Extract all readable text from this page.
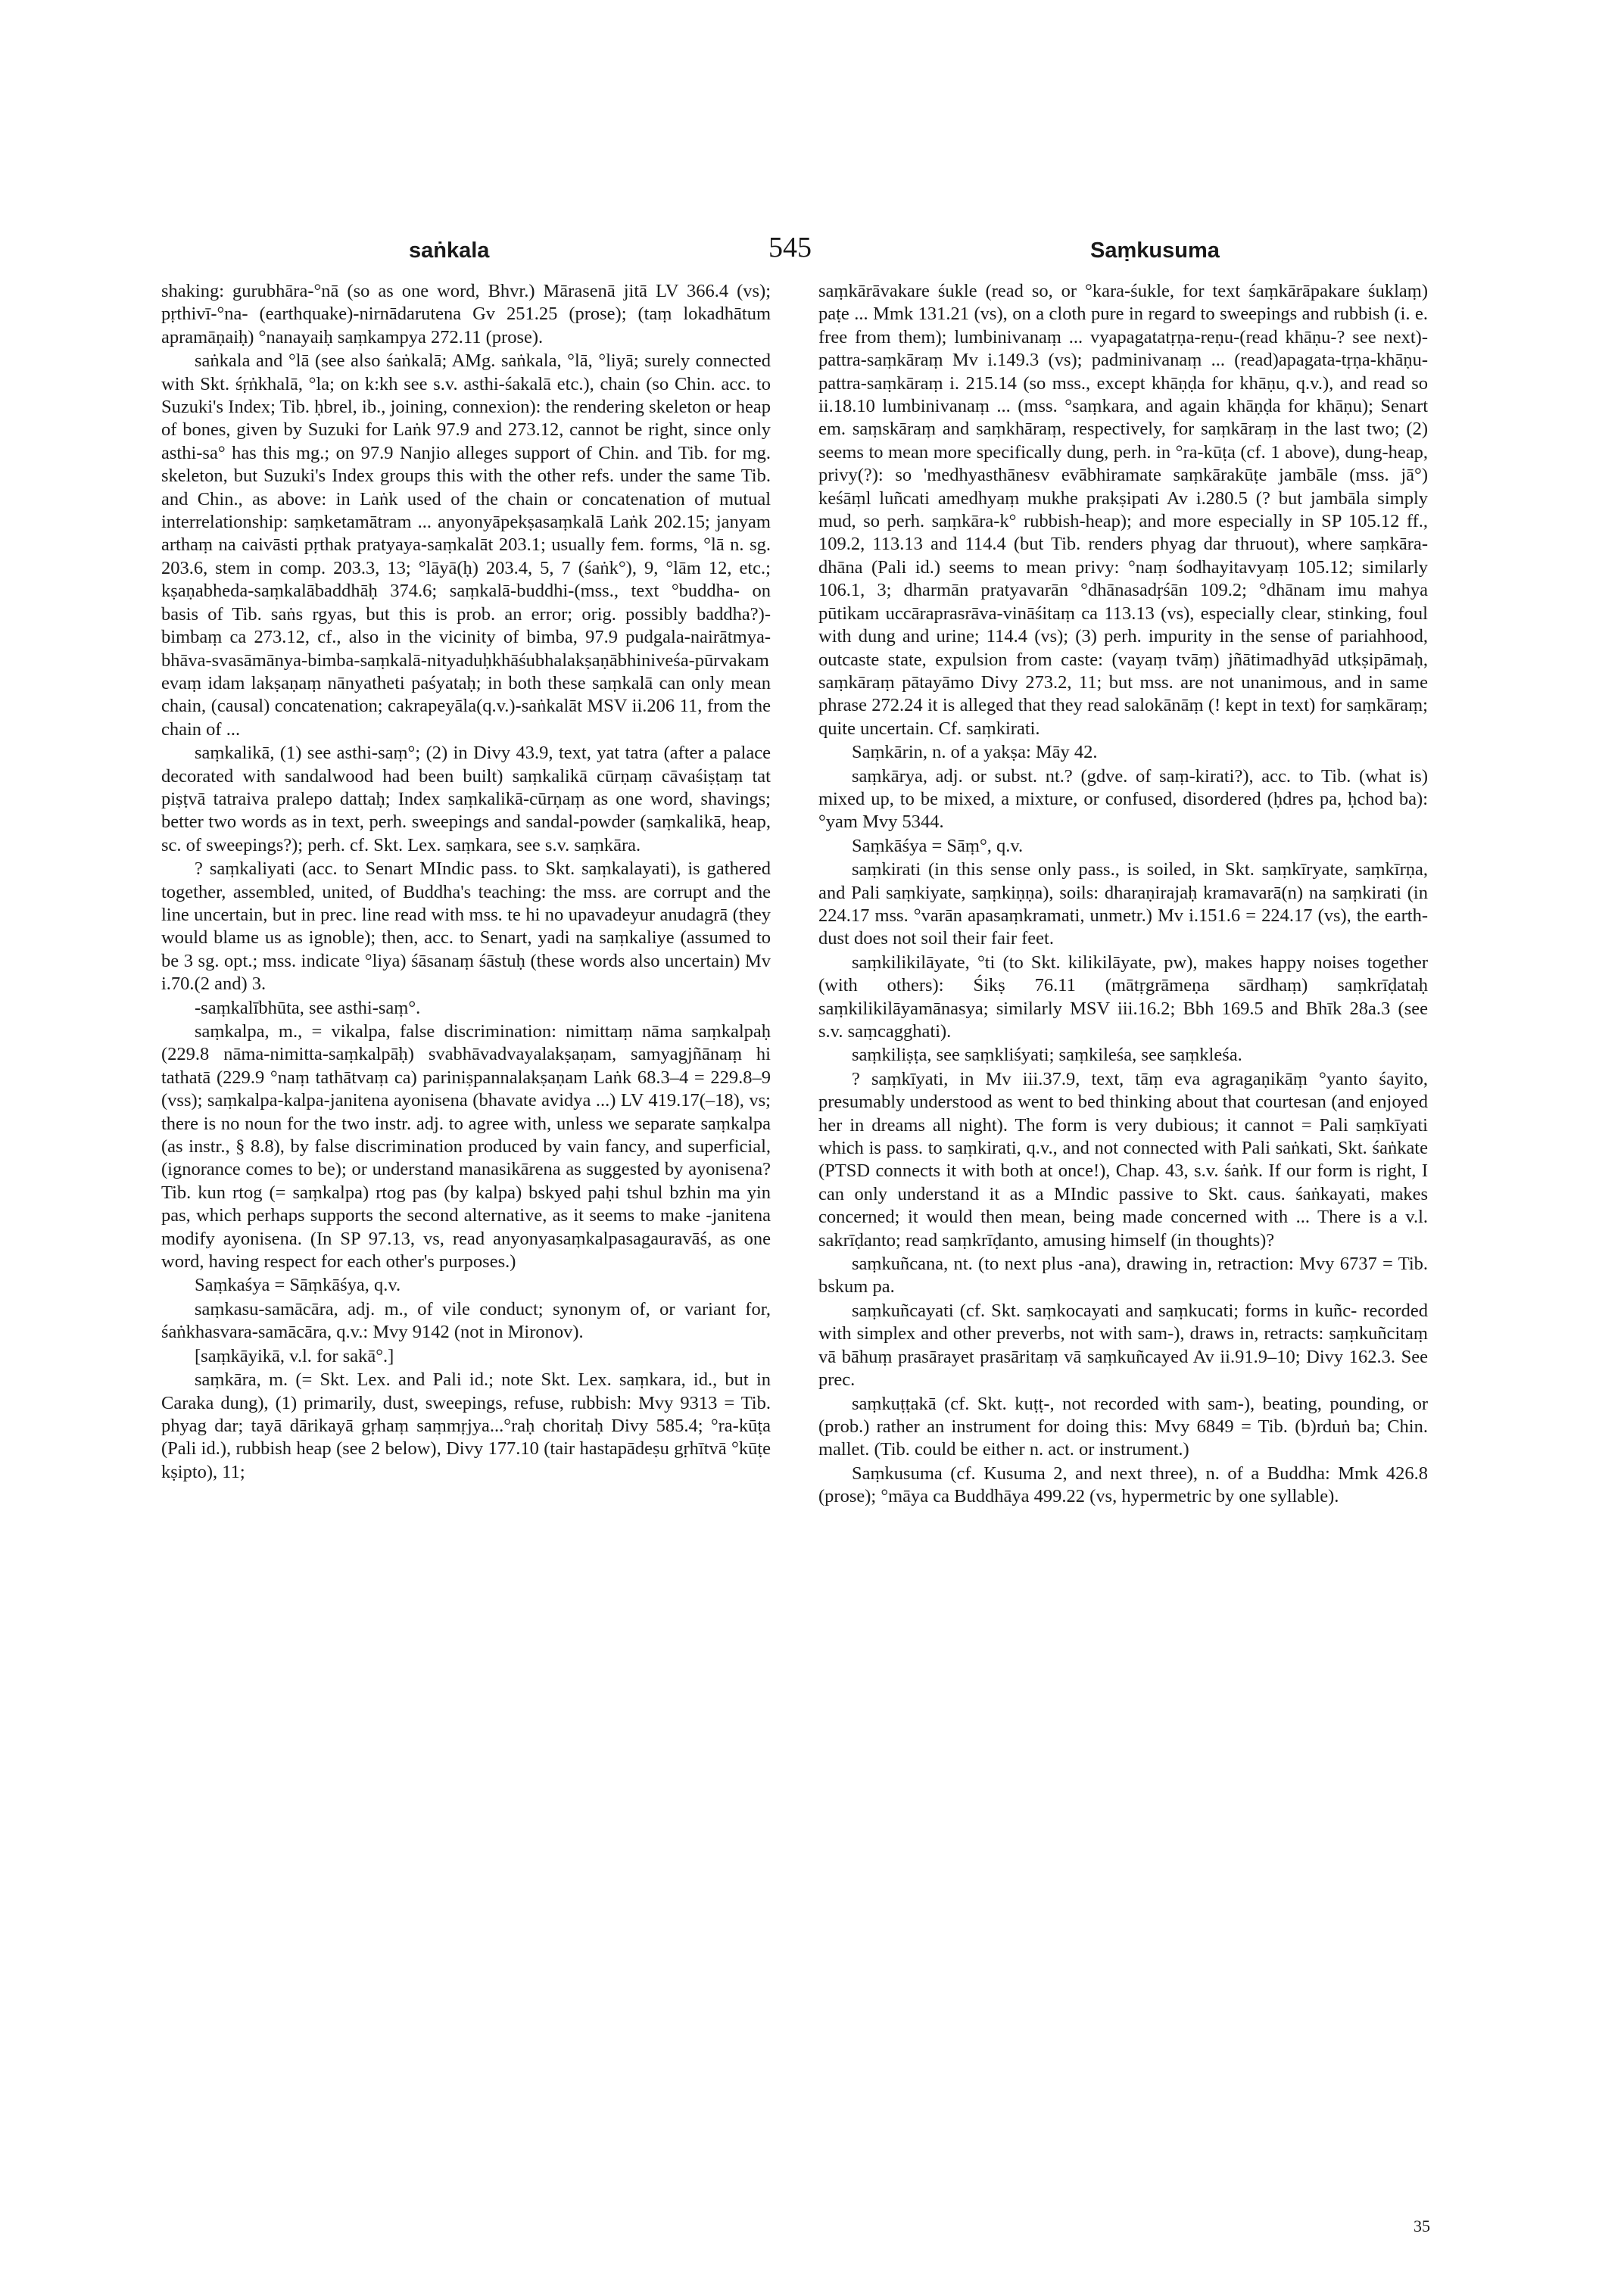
saṅkala	545	Saṃkusuma

shaking: gurubhāra-°nā (so as one word, Bhvr.) Mārasenā jitā LV 366.4 (vs); pṛthivī-°na- (earthquake)-nirnādarutena Gv 251.25 (prose); (taṃ lokadhātum apramāṇaiḥ) °nanayaiḥ saṃkampya 272.11 (prose).

saṅkala and °lā (see also śaṅkalā; AMg. saṅkala, °lā, °liyā; surely connected with Skt. śṛṅkhalā, °la; on k:kh see s.v. asthi-śakalā etc.), chain (so Chin. acc. to Suzuki's Index; Tib. ḥbrel, ib., joining, connexion): the rendering skeleton or heap of bones, given by Suzuki for Laṅk 97.9 and 273.12, cannot be right, since only asthi-sa° has this mg.; on 97.9 Nanjio alleges support of Chin. and Tib. for mg. skeleton, but Suzuki's Index groups this with the other refs. under the same Tib. and Chin., as above: in Laṅk used of the chain or concatenation of mutual interrelationship: saṃketamātram ... anyonyāpekṣasaṃkalā Laṅk 202.15; janyam arthaṃ na caivāsti pṛthak pratyaya-saṃkalāt 203.1; usually fem. forms, °lā n. sg. 203.6, stem in comp. 203.3, 13; °lāyā(ḥ) 203.4, 5, 7 (śaṅk°), 9, °lām 12, etc.; kṣaṇabheda-saṃkalābaddhāḥ 374.6; saṃkalā-buddhi-(mss., text °buddha- on basis of Tib. saṅs rgyas, but this is prob. an error; orig. possibly baddha?)-bimbaṃ ca 273.12, cf., also in the vicinity of bimba, 97.9 pudgala-nairātmya-bhāva-svasāmānya-bimba-saṃkalā-nityaduḥkhāśubhalakṣaṇābhiniveśa-pūrvakam evaṃ idam lakṣaṇaṃ nānyatheti paśyataḥ; in both these saṃkalā can only mean chain, (causal) concatenation; cakrapeyāla(q.v.)-saṅkalāt MSV ii.206 11, from the chain of ...

saṃkalikā, (1) see asthi-saṃ°; (2) in Divy 43.9, text, yat tatra (after a palace decorated with sandalwood had been built) saṃkalikā cūrṇaṃ cāvaśiṣṭaṃ tat piṣṭvā tatraiva pralepo dattaḥ; Index saṃkalikā-cūrṇaṃ as one word, shavings; better two words as in text, perh. sweepings and sandal-powder (saṃkalikā, heap, sc. of sweepings?); perh. cf. Skt. Lex. saṃkara, see s.v. saṃkāra.

? saṃkaliyati (acc. to Senart MIndic pass. to Skt. saṃkalayati), is gathered together, assembled, united, of Buddha's teaching: the mss. are corrupt and the line uncertain, but in prec. line read with mss. te hi no upavadeyur anudagrā (they would blame us as ignoble); then, acc. to Senart, yadi na saṃkaliye (assumed to be 3 sg. opt.; mss. indicate °liya) śāsanaṃ śāstuḥ (these words also uncertain) Mv i.70.(2 and) 3.

-saṃkalībhūta, see asthi-saṃ°.

saṃkalpa, m., = vikalpa, false discrimination: nimittaṃ nāma saṃkalpaḥ (229.8 nāma-nimitta-saṃkalpāḥ) svabhāvadvayalakṣaṇam, samyagjñānaṃ hi tathatā (229.9 °naṃ tathātvaṃ ca) pariniṣpannalakṣaṇam Laṅk 68.3–4 = 229.8–9 (vss); saṃkalpa-kalpa-janitena ayonisena (bhavate avidya ...) LV 419.17(–18), vs; there is no noun for the two instr. adj. to agree with, unless we separate saṃkalpa (as instr., § 8.8), by false discrimination produced by vain fancy, and superficial, (ignorance comes to be); or understand manasikārena as suggested by ayonisena? Tib. kun rtog (= saṃkalpa) rtog pas (by kalpa) bskyed paḥi tshul bzhin ma yin pas, which perhaps supports the second alternative, as it seems to make -janitena modify ayonisena. (In SP 97.13, vs, read anyonyasaṃkalpasagauravāś, as one word, having respect for each other's purposes.)

Saṃkaśya = Sāṃkāśya, q.v.

saṃkasu-samācāra, adj. m., of vile conduct; synonym of, or variant for, śaṅkhasvara-samācāra, q.v.: Mvy 9142 (not in Mironov).

[saṃkāyikā, v.l. for sakā°.]

saṃkāra, m. (= Skt. Lex. and Pali id.; note Skt. Lex. saṃkara, id., but in Caraka dung), (1) primarily, dust, sweepings, refuse, rubbish: Mvy 9313 = Tib. phyag dar; tayā dārikayā gṛhaṃ saṃmṛjya...°raḥ choritaḥ Divy 585.4; °ra-kūṭa (Pali id.), rubbish heap (see 2 below), Divy 177.10 (tair hastapādeṣu gṛhītvā °kūṭe kṣipto), 11;

saṃkārāvakare śukle (read so, or °kara-śukle, for text śaṃkārāpakare śuklaṃ) paṭe ... Mmk 131.21 (vs), on a cloth pure in regard to sweepings and rubbish (i. e. free from them); lumbinivanaṃ ... vyapagatatṛṇa-reṇu-(read khāṇu-? see next)-pattra-saṃkāraṃ Mv i.149.3 (vs); padminivanaṃ ... (read)apagata-tṛṇa-khāṇu-pattra-saṃkāraṃ i. 215.14 (so mss., except khāṇḍa for khāṇu, q.v.), and read so ii.18.10 lumbinivanaṃ ... (mss. °saṃkara, and again khāṇḍa for khāṇu); Senart em. saṃskāraṃ and saṃkhāraṃ, respectively, for saṃkāraṃ in the last two; (2) seems to mean more specifically dung, perh. in °ra-kūṭa (cf. 1 above), dung-heap, privy(?): so 'medhyasthānesv evābhiramate saṃkārakūṭe jambāle (mss. jā°) keśāṃl luñcati amedhyaṃ mukhe prakṣipati Av i.280.5 (? but jambāla simply mud, so perh. saṃkāra-k° rubbish-heap); and more especially in SP 105.12 ff., 109.2, 113.13 and 114.4 (but Tib. renders phyag dar thruout), where saṃkāra-dhāna (Pali id.) seems to mean privy: °naṃ śodhayitavyaṃ 105.12; similarly 106.1, 3; dharmān pratyavarān °dhānasadṛśān 109.2; °dhānam imu mahya pūtikam uccāraprasrāva-vināśitaṃ ca 113.13 (vs), especially clear, stinking, foul with dung and urine; 114.4 (vs); (3) perh. impurity in the sense of pariahhood, outcaste state, expulsion from caste: (vayaṃ tvāṃ) jñātimadhyād utkṣipāmaḥ, saṃkāraṃ pātayāmo Divy 273.2, 11; but mss. are not unanimous, and in same phrase 272.24 it is alleged that they read salokānāṃ (! kept in text) for saṃkāraṃ; quite uncertain. Cf. saṃkirati.

Saṃkārin, n. of a yakṣa: Māy 42.

saṃkārya, adj. or subst. nt.? (gdve. of saṃ-kirati?), acc. to Tib. (what is) mixed up, to be mixed, a mixture, or confused, disordered (ḥdres pa, ḥchod ba): °yam Mvy 5344.

Saṃkāśya = Sāṃ°, q.v.

saṃkirati (in this sense only pass., is soiled, in Skt. saṃkīryate, saṃkīrṇa, and Pali saṃkiyate, saṃkiṇṇa), soils: dharaṇirajaḥ kramavarā(n) na saṃkirati (in 224.17 mss. °varān apasaṃkramati, unmetr.) Mv i.151.6 = 224.17 (vs), the earth-dust does not soil their fair feet.

saṃkilikilāyate, °ti (to Skt. kilikilāyate, pw), makes happy noises together (with others): Śikṣ 76.11 (mātṛgrāmeṇa sārdhaṃ) saṃkrīḍataḥ saṃkilikilāyamānasya; similarly MSV iii.16.2; Bbh 169.5 and Bhīk 28a.3 (see s.v. saṃcagghati).

saṃkiliṣṭa, see saṃkliśyati; saṃkileśa, see saṃkleśa.

? saṃkīyati, in Mv iii.37.9, text, tāṃ eva agragaṇikāṃ °yanto śayito, presumably understood as went to bed thinking about that courtesan (and enjoyed her in dreams all night). The form is very dubious; it cannot = Pali saṃkīyati which is pass. to saṃkirati, q.v., and not connected with Pali saṅkati, Skt. śaṅkate (PTSD connects it with both at once!), Chap. 43, s.v. śaṅk. If our form is right, I can only understand it as a MIndic passive to Skt. caus. śaṅkayati, makes concerned; it would then mean, being made concerned with ... There is a v.l. sakrīḍanto; read saṃkrīḍanto, amusing himself (in thoughts)?

saṃkuñcana, nt. (to next plus -ana), drawing in, retraction: Mvy 6737 = Tib. bskum pa.

saṃkuñcayati (cf. Skt. saṃkocayati and saṃkucati; forms in kuñc- recorded with simplex and other preverbs, not with sam-), draws in, retracts: saṃkuñcitaṃ vā bāhuṃ prasārayet prasāritaṃ vā saṃkuñcayed Av ii.91.9–10; Divy 162.3. See prec.

saṃkuṭṭakā (cf. Skt. kuṭṭ-, not recorded with sam-), beating, pounding, or (prob.) rather an instrument for doing this: Mvy 6849 = Tib. (b)rduṅ ba; Chin. mallet. (Tib. could be either n. act. or instrument.)

Saṃkusuma (cf. Kusuma 2, and next three), n. of a Buddha: Mmk 426.8 (prose); °māya ca Buddhāya 499.22 (vs, hypermetric by one syllable).

35
